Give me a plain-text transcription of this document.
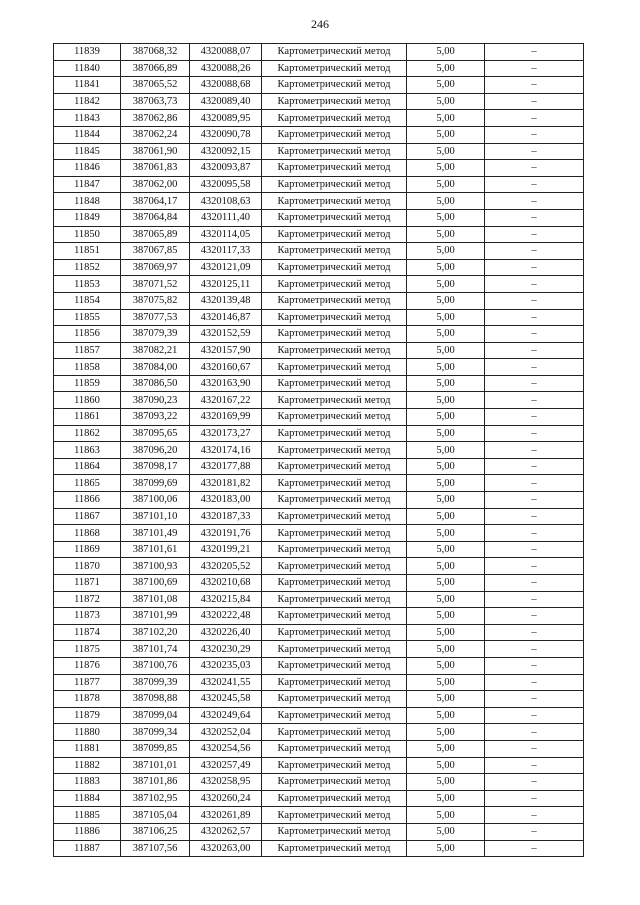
246
11839	387068,32	4320088,07	Картометрический метод	5,00	–
11840	387066,89	4320088,26	Картометрический метод	5,00	–
11841	387065,52	4320088,68	Картометрический метод	5,00	–
11842	387063,73	4320089,40	Картометрический метод	5,00	–
11843	387062,86	4320089,95	Картометрический метод	5,00	–
11844	387062,24	4320090,78	Картометрический метод	5,00	–
11845	387061,90	4320092,15	Картометрический метод	5,00	–
11846	387061,83	4320093,87	Картометрический метод	5,00	–
11847	387062,00	4320095,58	Картометрический метод	5,00	–
11848	387064,17	4320108,63	Картометрический метод	5,00	–
11849	387064,84	4320111,40	Картометрический метод	5,00	–
11850	387065,89	4320114,05	Картометрический метод	5,00	–
11851	387067,85	4320117,33	Картометрический метод	5,00	–
11852	387069,97	4320121,09	Картометрический метод	5,00	–
11853	387071,52	4320125,11	Картометрический метод	5,00	–
11854	387075,82	4320139,48	Картометрический метод	5,00	–
11855	387077,53	4320146,87	Картометрический метод	5,00	–
11856	387079,39	4320152,59	Картометрический метод	5,00	–
11857	387082,21	4320157,90	Картометрический метод	5,00	–
11858	387084,00	4320160,67	Картометрический метод	5,00	–
11859	387086,50	4320163,90	Картометрический метод	5,00	–
11860	387090,23	4320167,22	Картометрический метод	5,00	–
11861	387093,22	4320169,99	Картометрический метод	5,00	–
11862	387095,65	4320173,27	Картометрический метод	5,00	–
11863	387096,20	4320174,16	Картометрический метод	5,00	–
11864	387098,17	4320177,88	Картометрический метод	5,00	–
11865	387099,69	4320181,82	Картометрический метод	5,00	–
11866	387100,06	4320183,00	Картометрический метод	5,00	–
11867	387101,10	4320187,33	Картометрический метод	5,00	–
11868	387101,49	4320191,76	Картометрический метод	5,00	–
11869	387101,61	4320199,21	Картометрический метод	5,00	–
11870	387100,93	4320205,52	Картометрический метод	5,00	–
11871	387100,69	4320210,68	Картометрический метод	5,00	–
11872	387101,08	4320215,84	Картометрический метод	5,00	–
11873	387101,99	4320222,48	Картометрический метод	5,00	–
11874	387102,20	4320226,40	Картометрический метод	5,00	–
11875	387101,74	4320230,29	Картометрический метод	5,00	–
11876	387100,76	4320235,03	Картометрический метод	5,00	–
11877	387099,39	4320241,55	Картометрический метод	5,00	–
11878	387098,88	4320245,58	Картометрический метод	5,00	–
11879	387099,04	4320249,64	Картометрический метод	5,00	–
11880	387099,34	4320252,04	Картометрический метод	5,00	–
11881	387099,85	4320254,56	Картометрический метод	5,00	–
11882	387101,01	4320257,49	Картометрический метод	5,00	–
11883	387101,86	4320258,95	Картометрический метод	5,00	–
11884	387102,95	4320260,24	Картометрический метод	5,00	–
11885	387105,04	4320261,89	Картометрический метод	5,00	–
11886	387106,25	4320262,57	Картометрический метод	5,00	–
11887	387107,56	4320263,00	Картометрический метод	5,00	–
